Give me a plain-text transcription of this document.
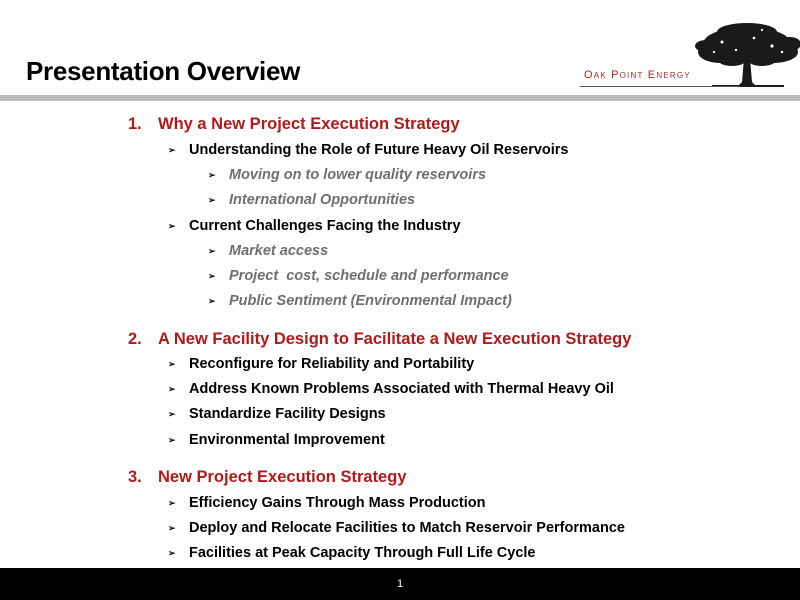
Presentation Overview	Oak Point Energy
1. Why a New Project Execution Strategy
➢ Understanding the Role of Future Heavy Oil Reservoirs
➢ Moving on to lower quality reservoirs
➢ International Opportunities
➢ Current Challenges Facing the Industry
➢ Market access
➢ Project  cost, schedule and performance
➢ Public Sentiment (Environmental Impact)
2. A New Facility Design to Facilitate a New Execution Strategy
➢ Reconfigure for Reliability and Portability
➢ Address Known Problems Associated with Thermal Heavy Oil
➢ Standardize Facility Designs
➢ Environmental Improvement
3. New Project Execution Strategy
➢ Efficiency Gains Through Mass Production
➢ Deploy and Relocate Facilities to Match Reservoir Performance
➢ Facilities at Peak Capacity Through Full Life Cycle
1
